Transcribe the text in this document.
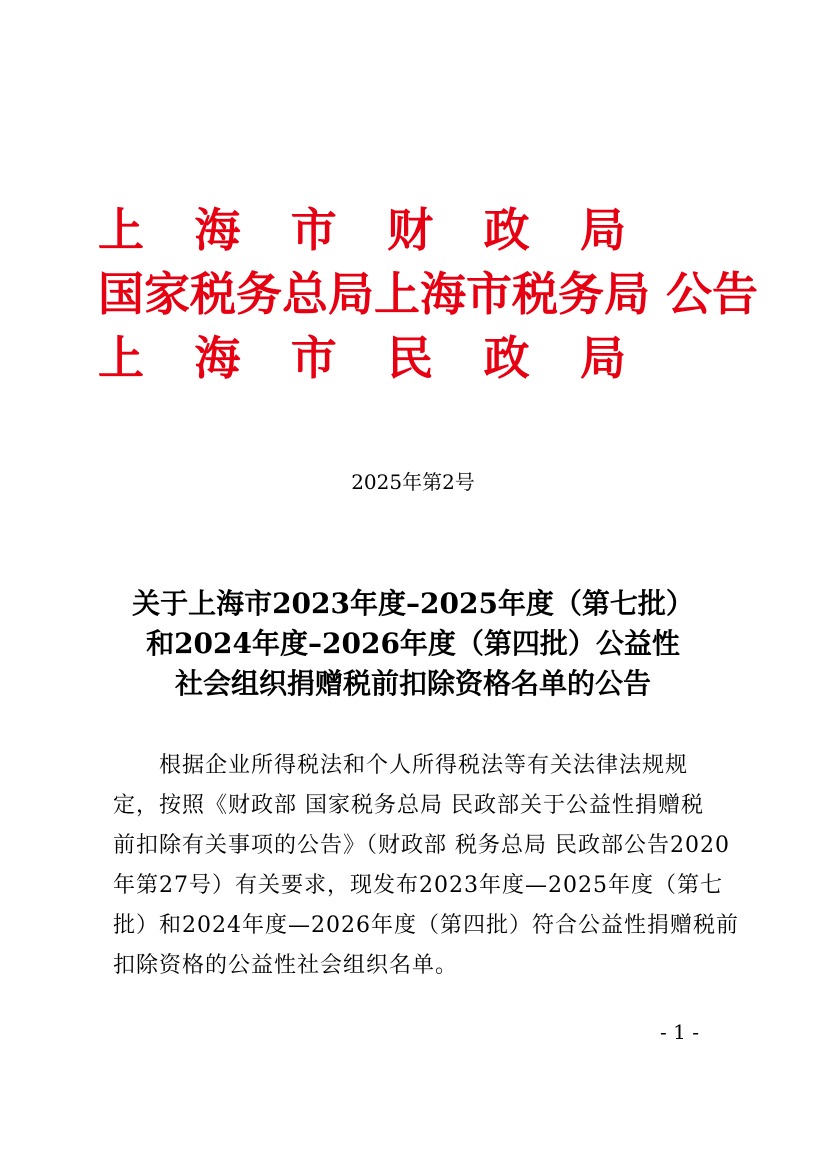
上 海 市 财 政 局
国家税务总局上海市税务局 公告
上 海 市 民 政 局
2025年第2号
关于上海市2023年度–2025年度（第七批）
和2024年度–2026年度（第四批）公益性
社会组织捐赠税前扣除资格名单的公告
根据企业所得税法和个人所得税法等有关法律法规规
定，按照《财政部 国家税务总局 民政部关于公益性捐赠税
前扣除有关事项的公告》（财政部 税务总局 民政部公告2020
年第27号）有关要求，现发布2023年度—2025年度（第七
批）和2024年度—2026年度（第四批）符合公益性捐赠税前
扣除资格的公益性社会组织名单。
- 1 -
